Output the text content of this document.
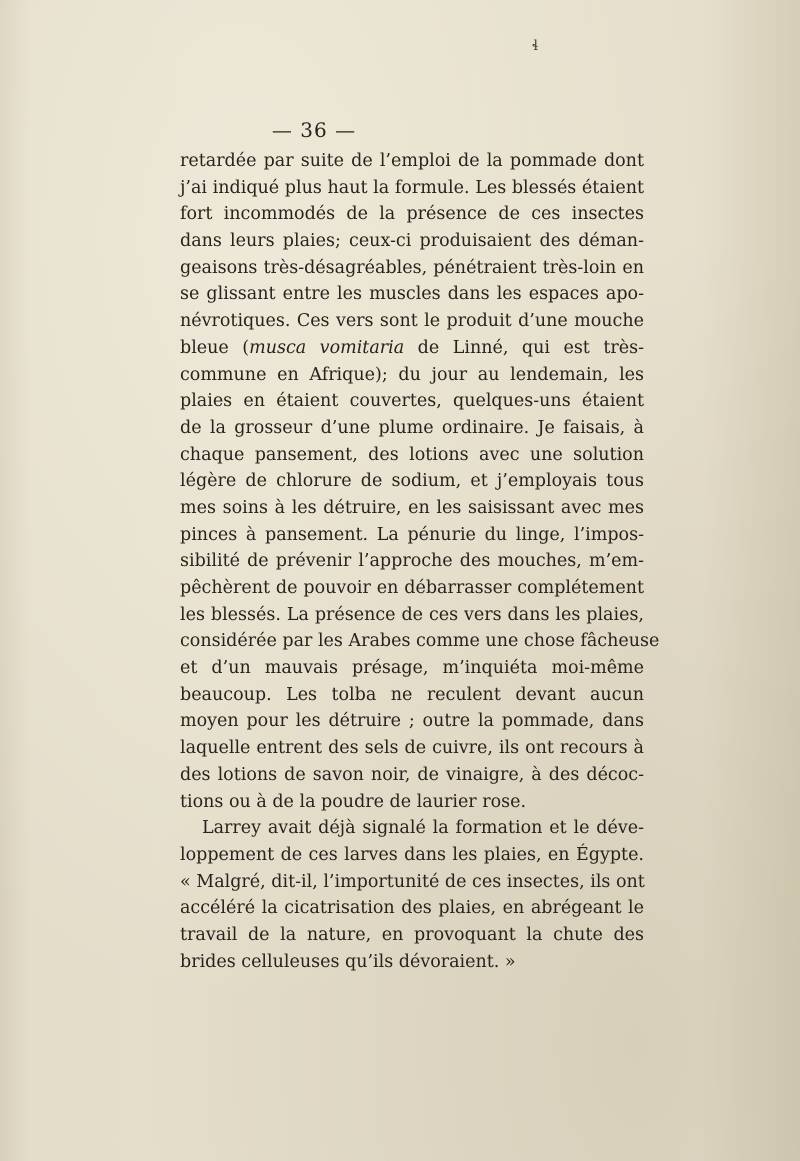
ɬ
— 36 —
retardée par suite de l’emploi de la pommade dont
j’ai indiqué plus haut la formule. Les blessés étaient
fort incommodés de la présence de ces insectes
dans leurs plaies; ceux-ci produisaient des déman-
geaisons très-désagréables, pénétraient très-loin en
se glissant entre les muscles dans les espaces apo-
névrotiques. Ces vers sont le produit d’une mouche
bleue (musca vomitaria de Linné, qui est très-
commune en Afrique); du jour au lendemain, les
plaies en étaient couvertes, quelques-uns étaient
de la grosseur d’une plume ordinaire. Je faisais, à
chaque pansement, des lotions avec une solution
légère de chlorure de sodium, et j’employais tous
mes soins à les détruire, en les saisissant avec mes
pinces à pansement. La pénurie du linge, l’impos-
sibilité de prévenir l’approche des mouches, m’em-
pêchèrent de pouvoir en débarrasser complétement
les blessés. La présence de ces vers dans les plaies,
considérée par les Arabes comme une chose fâcheuse
et d’un mauvais présage, m’inquiéta moi-même
beaucoup. Les tolba ne reculent devant aucun
moyen pour les détruire ; outre la pommade, dans
laquelle entrent des sels de cuivre, ils ont recours à
des lotions de savon noir, de vinaigre, à des décoc-
tions ou à de la poudre de laurier rose.
Larrey avait déjà signalé la formation et le déve-
loppement de ces larves dans les plaies, en Égypte.
« Malgré, dit-il, l’importunité de ces insectes, ils ont
accéléré la cicatrisation des plaies, en abrégeant le
travail de la nature, en provoquant la chute des
brides celluleuses qu’ils dévoraient. »
